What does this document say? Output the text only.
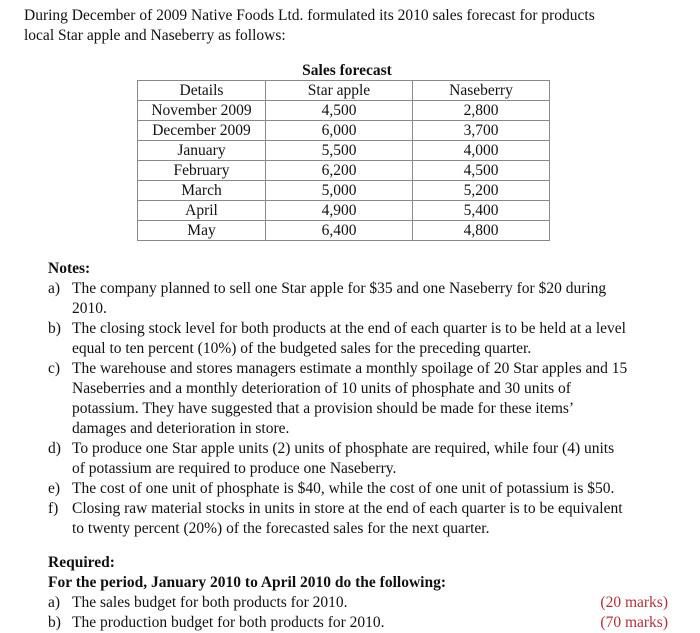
During December of 2009 Native Foods Ltd. formulated its 2010 sales forecast for products
local Star apple and Naseberry as follows:
Sales forecast
Details	Star apple	Naseberry
November 2009	4,500	2,800
December 2009	6,000	3,700
January	5,500	4,000
February	6,200	4,500
March	5,000	5,200
April	4,900	5,400
May	6,400	4,800
Notes:
a) The company planned to sell one Star apple for $35 and one Naseberry for $20 during
2010.
b) The closing stock level for both products at the end of each quarter is to be held at a level
equal to ten percent (10%) of the budgeted sales for the preceding quarter.
c) The warehouse and stores managers estimate a monthly spoilage of 20 Star apples and 15
Naseberries and a monthly deterioration of 10 units of phosphate and 30 units of
potassium. They have suggested that a provision should be made for these items’
damages and deterioration in store.
d) To produce one Star apple units (2) units of phosphate are required, while four (4) units
of potassium are required to produce one Naseberry.
e) The cost of one unit of phosphate is $40, while the cost of one unit of potassium is $50.
f) Closing raw material stocks in units in store at the end of each quarter is to be equivalent
to twenty percent (20%) of the forecasted sales for the next quarter.
Required:
For the period, January 2010 to April 2010 do the following:
a) The sales budget for both products for 2010.	(20 marks)
b) The production budget for both products for 2010.	(70 marks)
